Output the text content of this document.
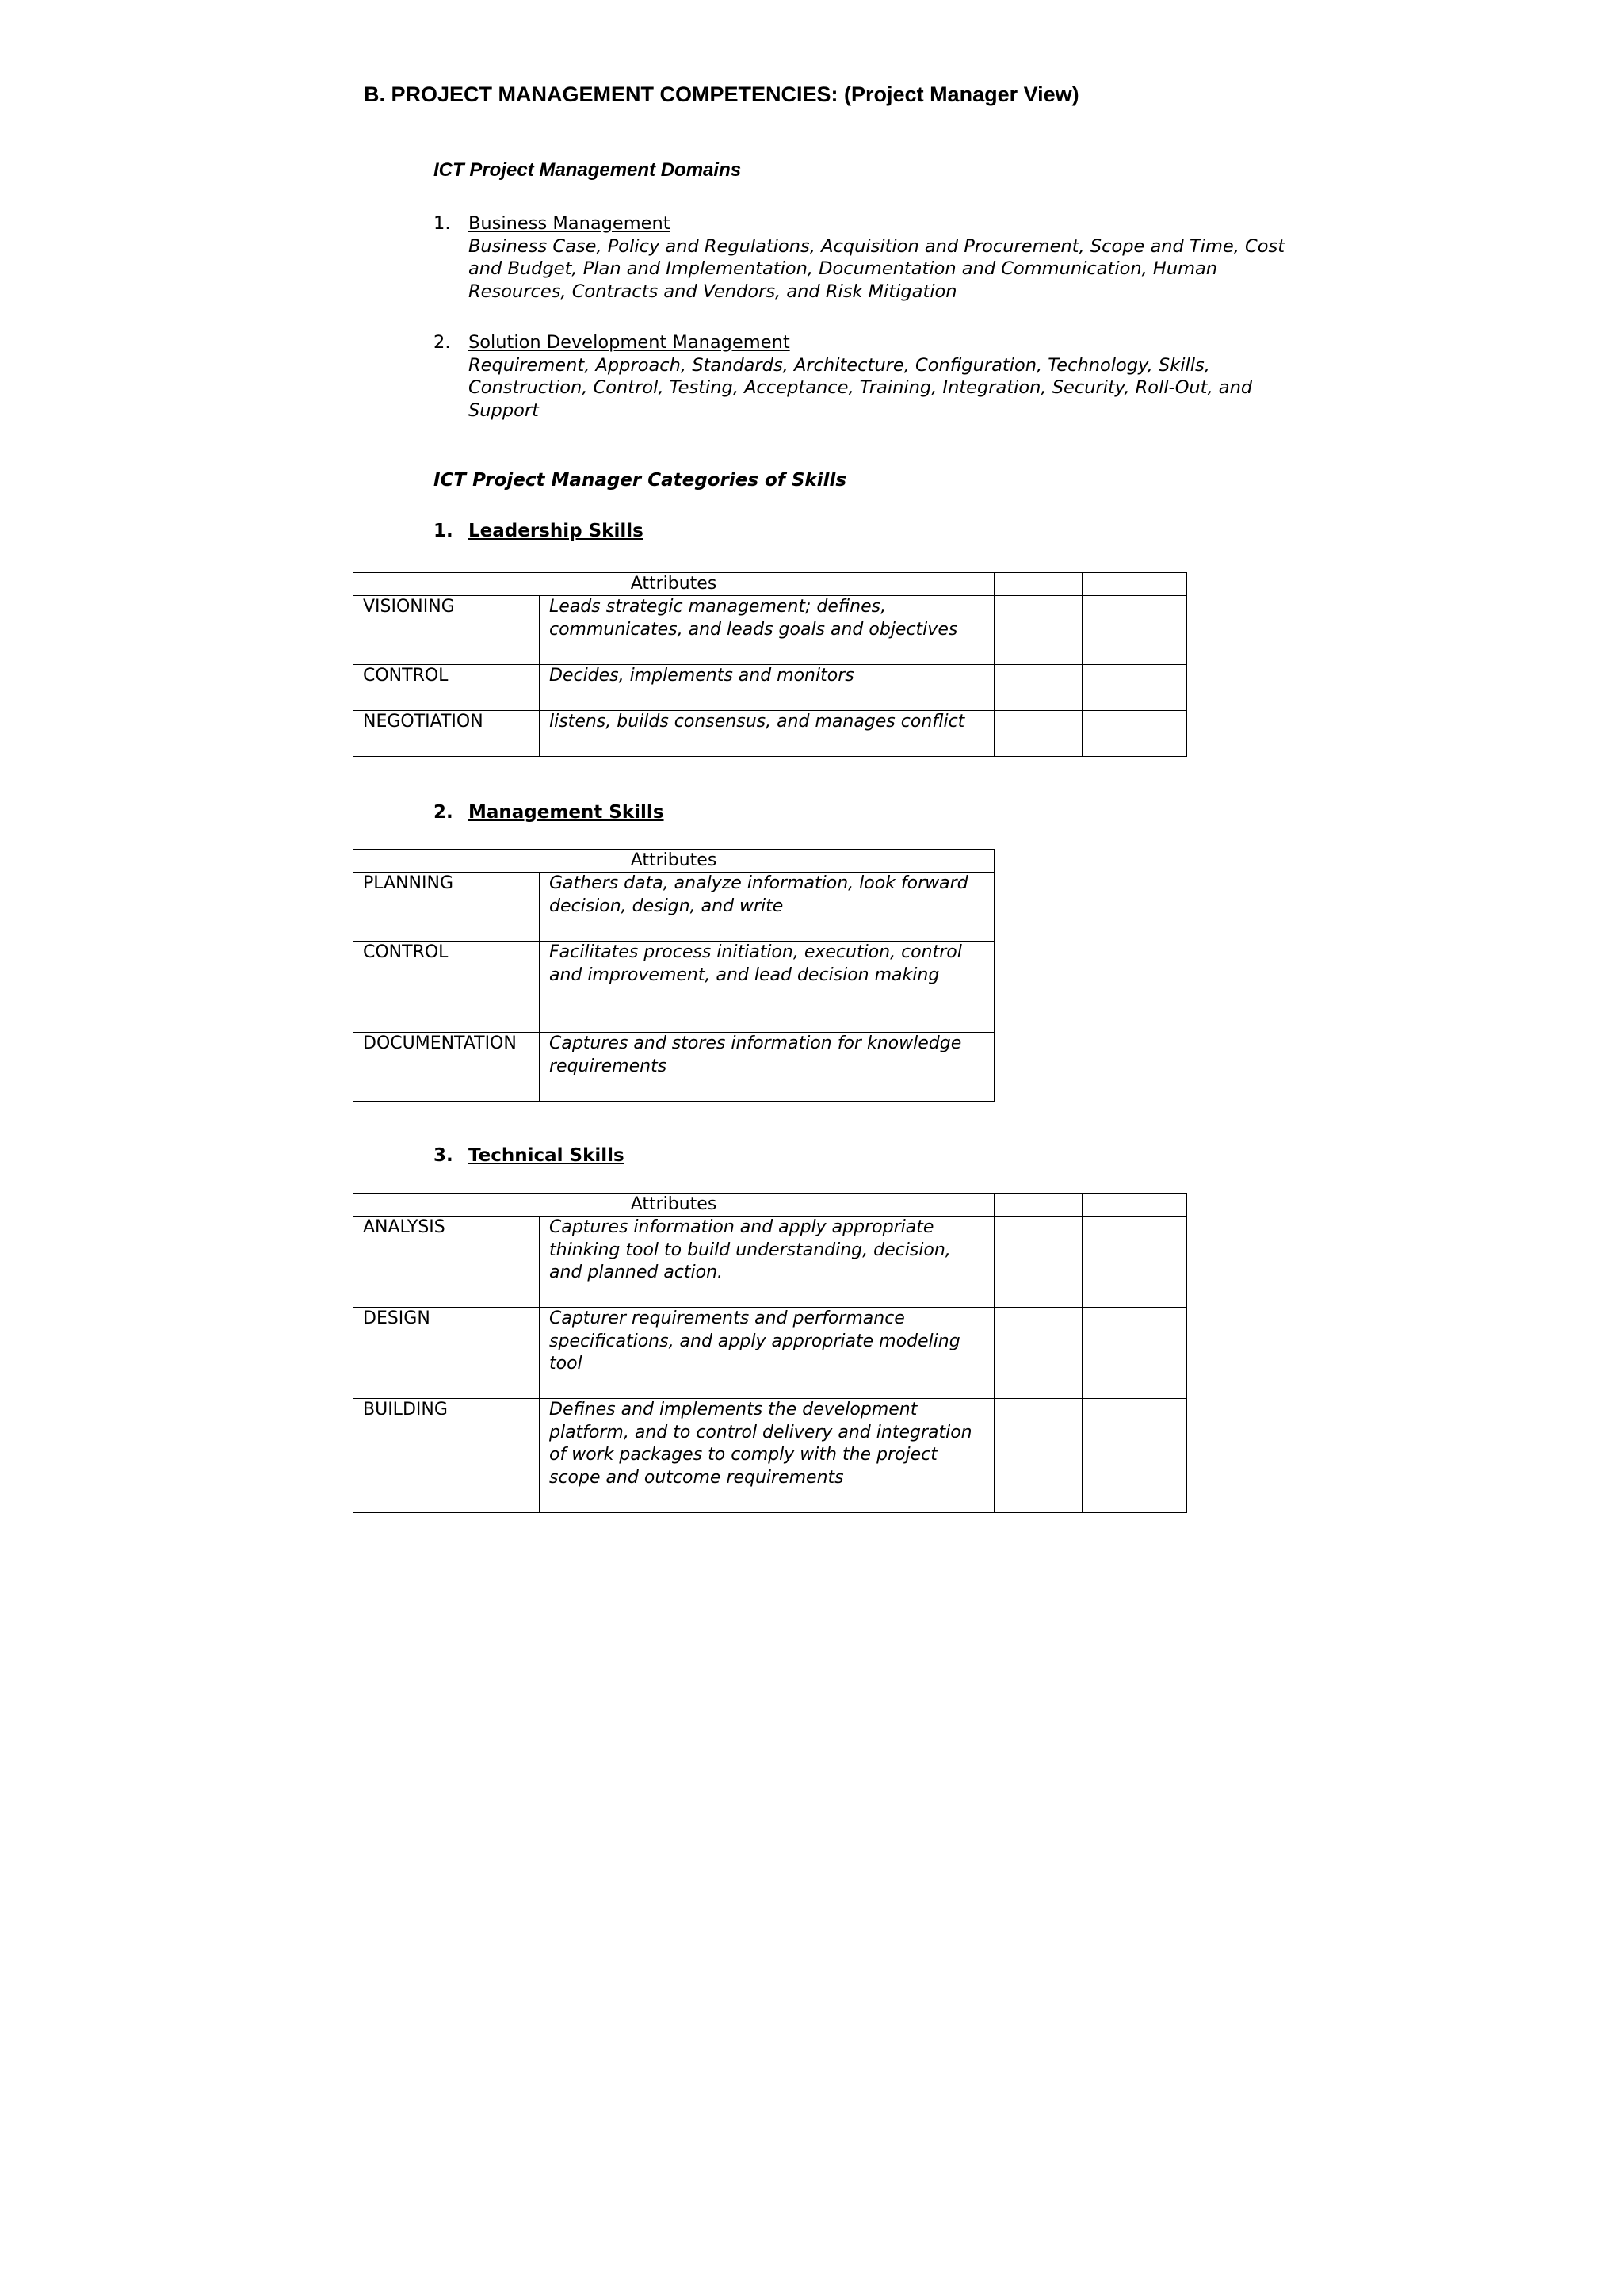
B. PROJECT MANAGEMENT COMPETENCIES: (Project Manager View)
ICT Project Management Domains
1. Business Management
Business Case, Policy and Regulations, Acquisition and Procurement, Scope and Time, Cost and Budget, Plan and Implementation, Documentation and Communication, Human Resources, Contracts and Vendors, and Risk Mitigation
2. Solution Development Management
Requirement, Approach, Standards, Architecture, Configuration, Technology, Skills, Construction, Control, Testing, Acceptance, Training, Integration, Security, Roll-Out, and Support
ICT Project Manager Categories of Skills
1. Leadership Skills
Attributes			
VISIONING	Leads strategic management; defines, communicates, and leads goals and objectives		
CONTROL	Decides, implements and monitors		
NEGOTIATION	listens, builds consensus, and manages conflict		
2. Management Skills
Attributes	
PLANNING	Gathers data, analyze information, look forward decision, design, and write
CONTROL	Facilitates process initiation, execution, control and improvement, and lead decision making
DOCUMENTATION	Captures and stores information for knowledge requirements
3. Technical Skills
Attributes			
ANALYSIS	Captures information and apply appropriate thinking tool to build understanding, decision, and planned action.		
DESIGN	Capturer requirements and performance specifications, and apply appropriate modeling tool		
BUILDING	Defines and implements the development platform, and to control delivery and integration of work packages to comply with the project scope and outcome requirements		
